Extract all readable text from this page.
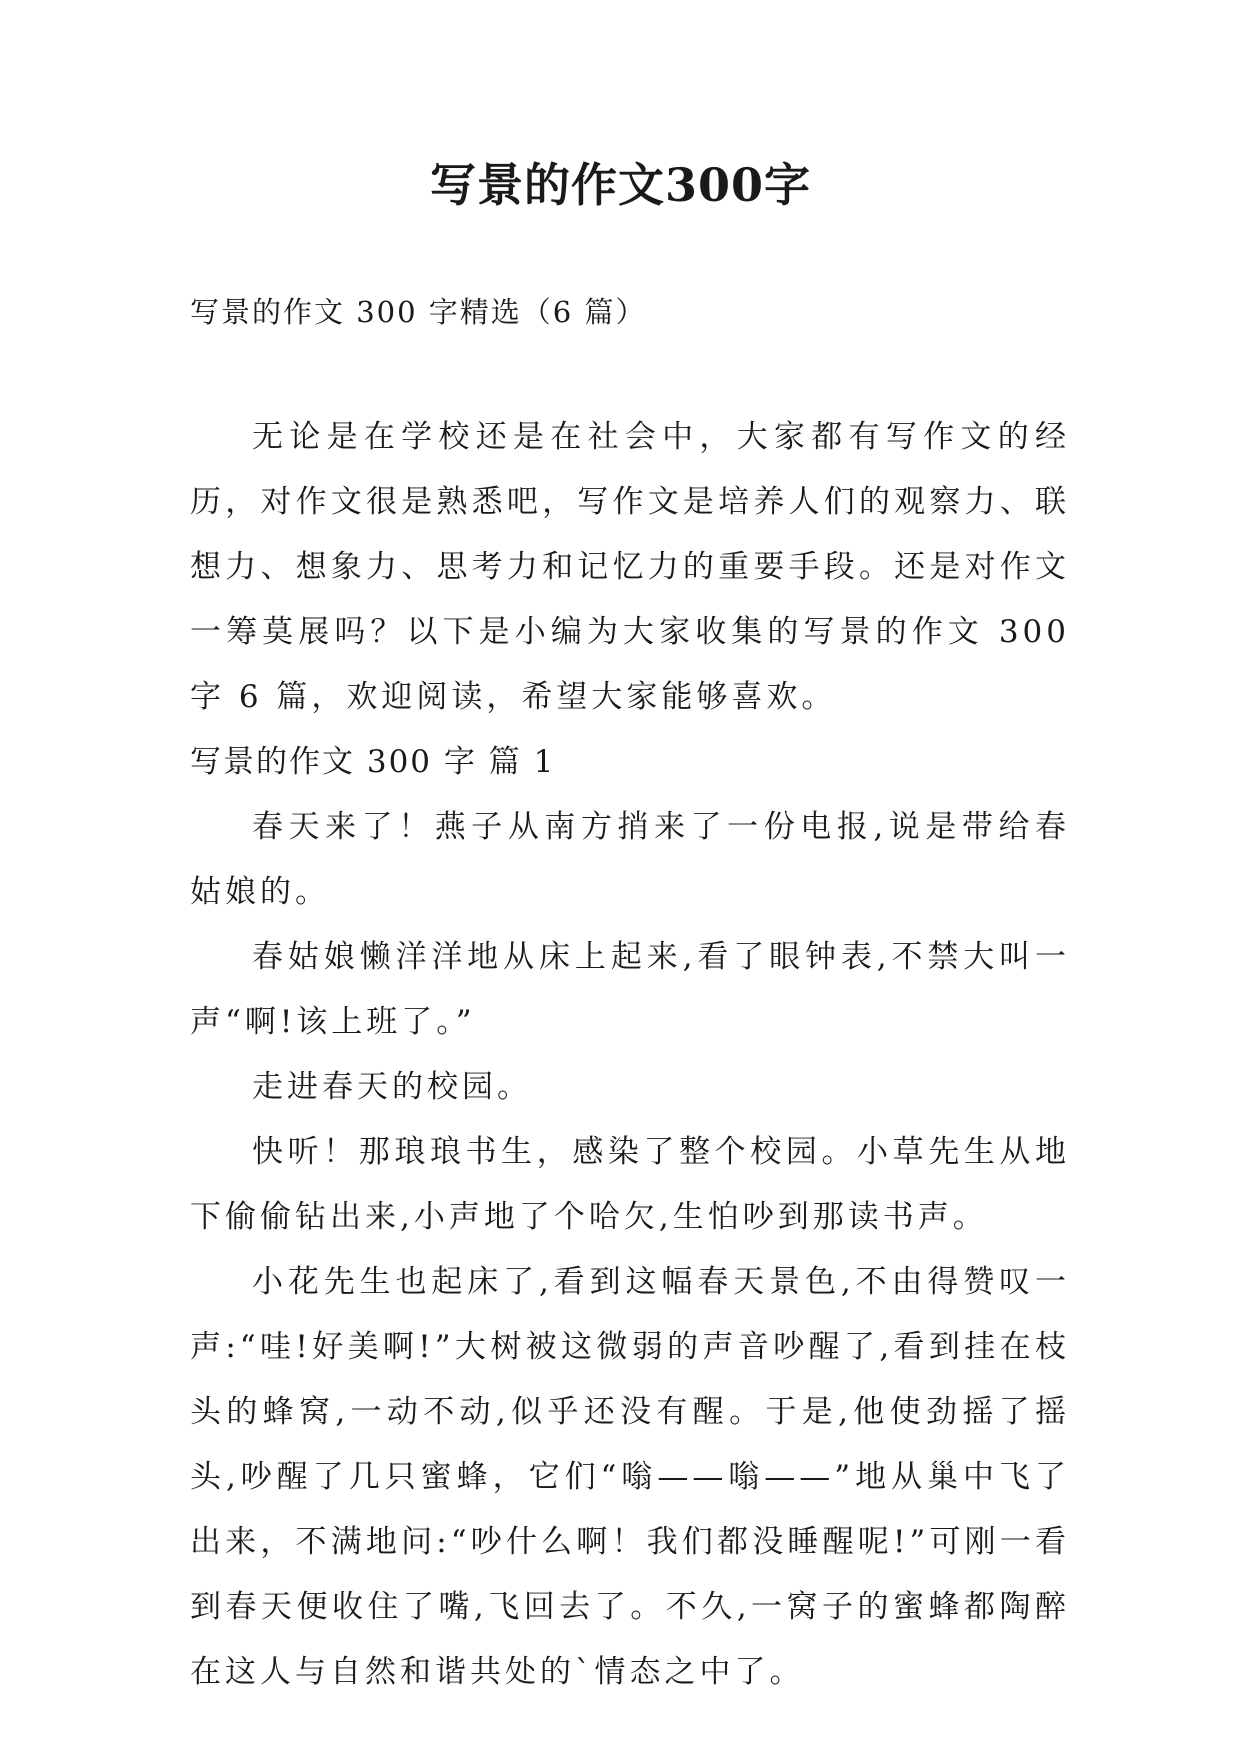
写景的作文300字
写景的作文 300 字精选（6 篇）

无论是在学校还是在社会中，大家都有写作文的经历，对作文很是熟悉吧，写作文是培养人们的观察力、联想力、想象力、思考力和记忆力的重要手段。还是对作文一筹莫展吗？以下是小编为大家收集的写景的作文 300 字 6 篇，欢迎阅读，希望大家能够喜欢。

写景的作文 300 字 篇 1

春天来了！燕子从南方捎来了一份电报,说是带给春姑娘的。

春姑娘懒洋洋地从床上起来,看了眼钟表,不禁大叫一声“啊!该上班了。”

走进春天的校园。

快听！那琅琅书生，感染了整个校园。小草先生从地下偷偷钻出来,小声地了个哈欠,生怕吵到那读书声。

小花先生也起床了,看到这幅春天景色,不由得赞叹一声:“哇!好美啊!”大树被这微弱的声音吵醒了,看到挂在枝头的蜂窝,一动不动,似乎还没有醒。于是,他使劲摇了摇头,吵醒了几只蜜蜂，它们“嗡——嗡——”地从巢中飞了出来，不满地问:“吵什么啊！我们都没睡醒呢!”可刚一看到春天便收住了嘴,飞回去了。不久,一窝子的蜜蜂都陶醉在这人与自然和谐共处的`情态之中了。
